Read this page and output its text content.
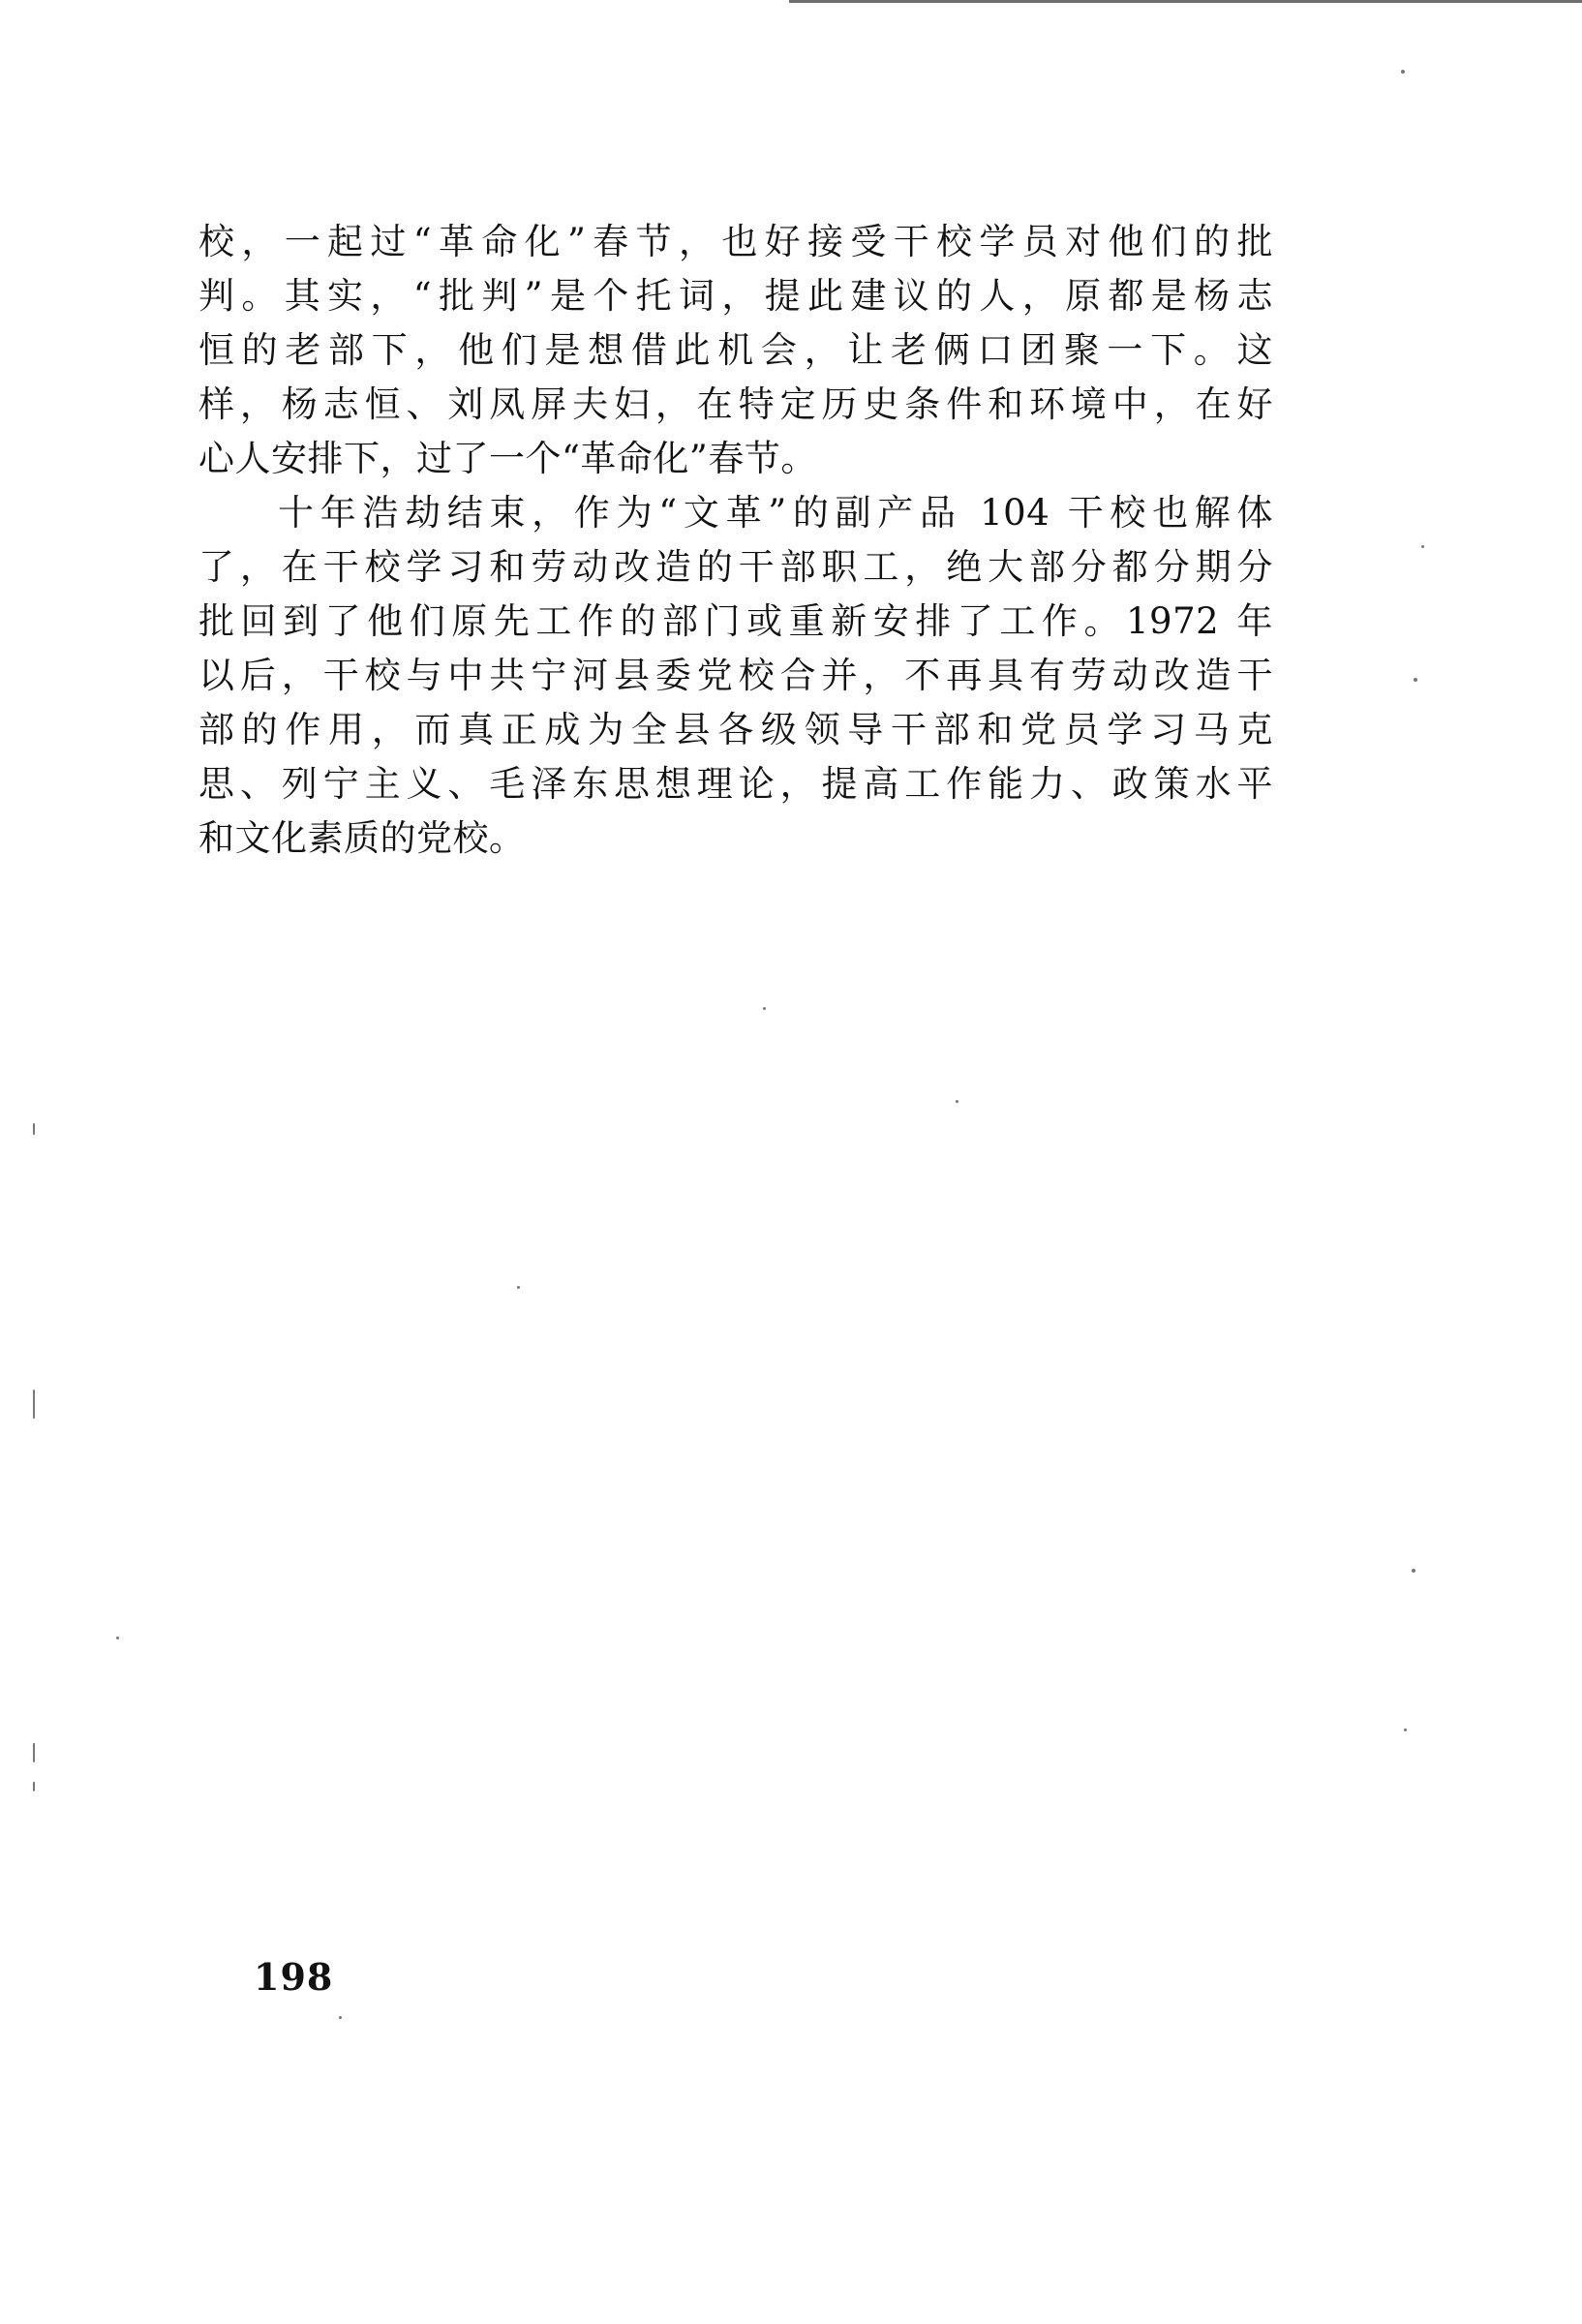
校，一起过“革命化”春节，也好接受干校学员对他们的批
判。其实，“批判”是个托词，提此建议的人，原都是杨志
恒的老部下，他们是想借此机会，让老俩口团聚一下。这
样，杨志恒、刘凤屏夫妇，在特定历史条件和环境中，在好
心人安排下，过了一个“革命化”春节。
十年浩劫结束，作为“文革”的副产品 104 干校也解体
了，在干校学习和劳动改造的干部职工，绝大部分都分期分
批回到了他们原先工作的部门或重新安排了工作。1972 年
以后，干校与中共宁河县委党校合并，不再具有劳动改造干
部的作用，而真正成为全县各级领导干部和党员学习马克
思、列宁主义、毛泽东思想理论，提高工作能力、政策水平
和文化素质的党校。
198
